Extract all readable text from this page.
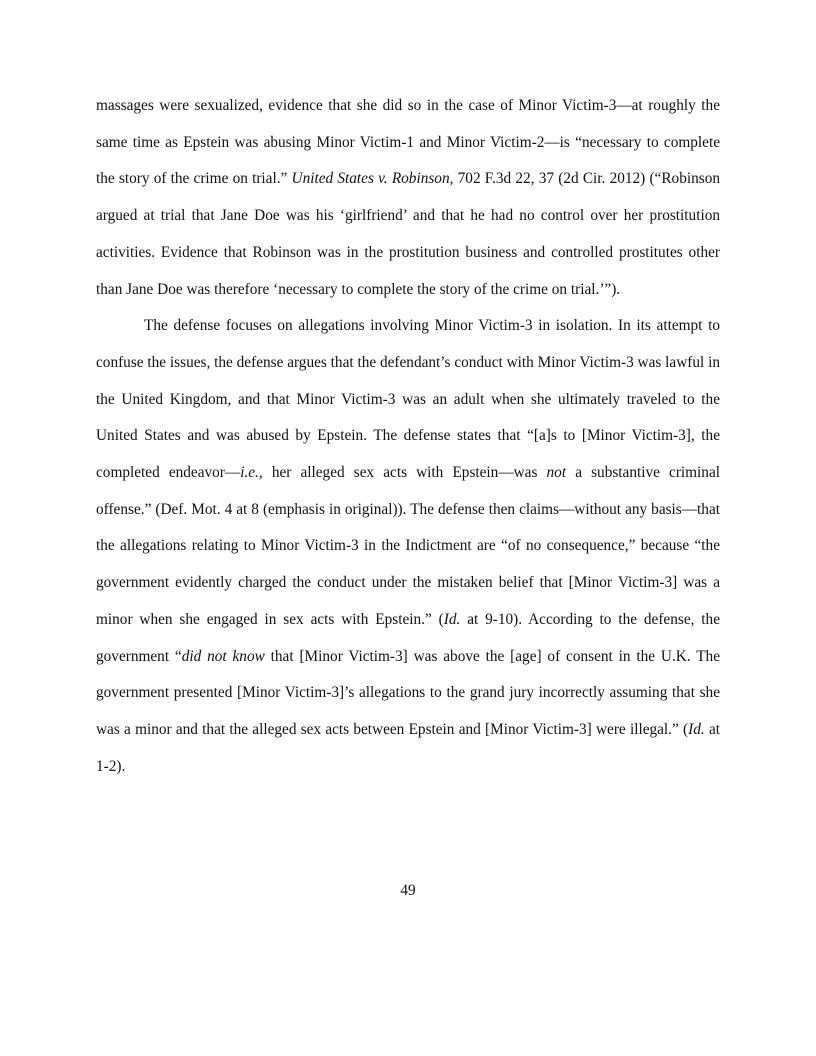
massages were sexualized, evidence that she did so in the case of Minor Victim-3—at roughly the same time as Epstein was abusing Minor Victim-1 and Minor Victim-2—is “necessary to complete the story of the crime on trial.” United States v. Robinson, 702 F.3d 22, 37 (2d Cir. 2012) (“Robinson argued at trial that Jane Doe was his ‘girlfriend’ and that he had no control over her prostitution activities. Evidence that Robinson was in the prostitution business and controlled prostitutes other than Jane Doe was therefore ‘necessary to complete the story of the crime on trial.’”).

The defense focuses on allegations involving Minor Victim-3 in isolation. In its attempt to confuse the issues, the defense argues that the defendant’s conduct with Minor Victim-3 was lawful in the United Kingdom, and that Minor Victim-3 was an adult when she ultimately traveled to the United States and was abused by Epstein. The defense states that “[a]s to [Minor Victim-3], the completed endeavor—i.e., her alleged sex acts with Epstein—was not a substantive criminal offense.” (Def. Mot. 4 at 8 (emphasis in original)). The defense then claims—without any basis—that the allegations relating to Minor Victim-3 in the Indictment are “of no consequence,” because “the government evidently charged the conduct under the mistaken belief that [Minor Victim-3] was a minor when she engaged in sex acts with Epstein.” (Id. at 9-10). According to the defense, the government “did not know that [Minor Victim-3] was above the [age] of consent in the U.K. The government presented [Minor Victim-3]’s allegations to the grand jury incorrectly assuming that she was a minor and that the alleged sex acts between Epstein and [Minor Victim-3] were illegal.” (Id. at 1-2).

49
